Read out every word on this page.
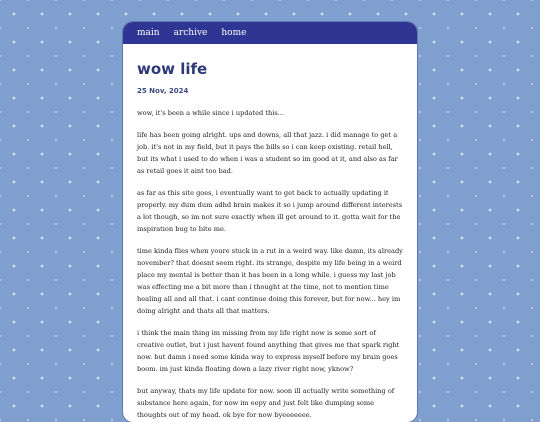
main archive home
wow life
25 Nov, 2024

wow, it's been a while since i updated this...

life has been going alright. ups and downs, all that jazz. i did manage to get a job. it's not in my field, but it pays the bills so i can keep existing. retail hell, but its what i used to do when i was a student so im good at it, and also as far as retail goes it aint too bad.

as far as this site goes, i eventually want to get back to actually updating it properly. my dum dum adhd brain makes it so i jump around different interests a lot though, so im not sure exactly when ill get around to it. gotta wait for the inspiration bug to bite me.

time kinda flies when youre stuck in a rut in a weird way. like damn, its already november? that doesnt seem right. its strange, despite my life being in a weird place my mental is better than it has been in a long while. i guess my last job was effecting me a bit more than i thought at the time, not to mention time healing all and all that. i cant continue doing this forever, but for now... hey im doing alright and thats all that matters.

i think the main thing im missing from my life right now is some sort of creative outlet, but i just havent found anything that gives me that spark right now. but damn i need some kinda way to express myself before my brain goes boom. im just kinda floating down a lazy river right now, yknow?

but anyway, thats my life update for now. soon ill actually write something of substance here again, for now im eepy and just felt like dumping some thoughts out of my head. ok bye for now byeeeeeee.
